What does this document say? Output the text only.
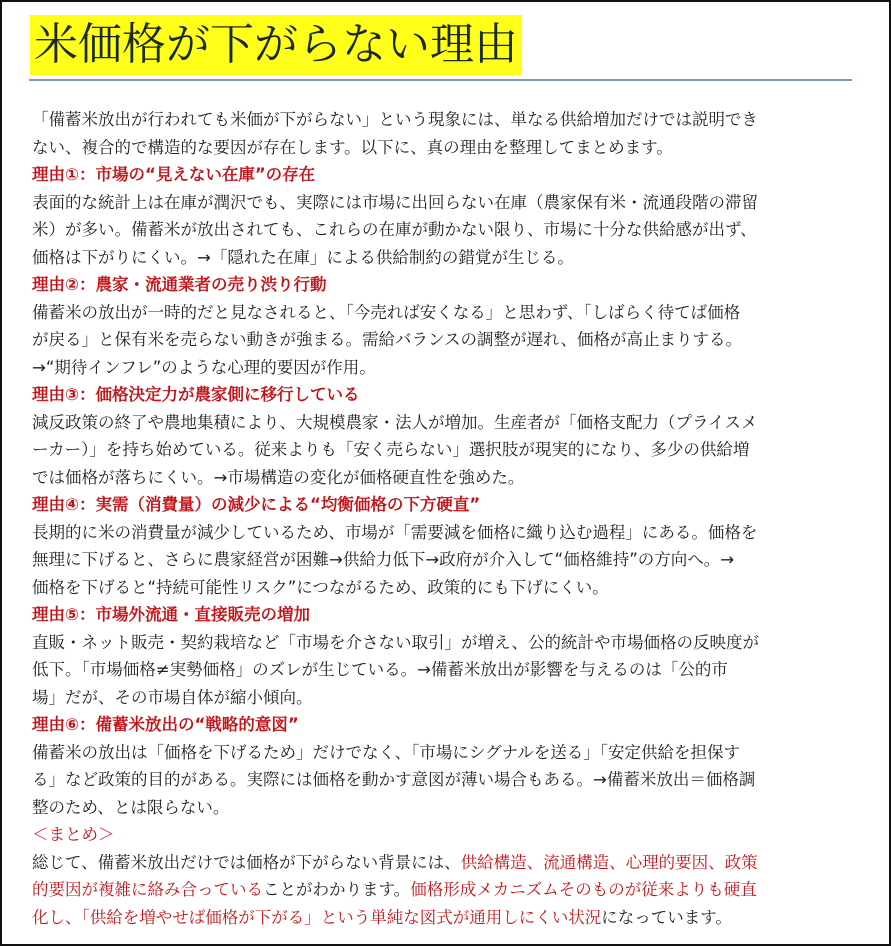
米価格が下がらない理由
「備蓄米放出が行われても米価が下がらない」という現象には、単なる供給増加だけでは説明でき
ない、複合的で構造的な要因が存在します。以下に、真の理由を整理してまとめます。
理由①：市場の“見えない在庫”の存在
表面的な統計上は在庫が潤沢でも、実際には市場に出回らない在庫（農家保有米・流通段階の滞留
米）が多い。備蓄米が放出されても、これらの在庫が動かない限り、市場に十分な供給感が出ず、
価格は下がりにくい。→「隠れた在庫」による供給制約の錯覚が生じる。
理由②：農家・流通業者の売り渋り行動
備蓄米の放出が一時的だと見なされると、「今売れば安くなる」と思わず、「しばらく待てば価格
が戻る」と保有米を売らない動きが強まる。需給バランスの調整が遅れ、価格が高止まりする。
→“期待インフレ”のような心理的要因が作用。
理由③：価格決定力が農家側に移行している
減反政策の終了や農地集積により、大規模農家・法人が増加。生産者が「価格支配力（プライスメ
ーカー）」を持ち始めている。従来よりも「安く売らない」選択肢が現実的になり、多少の供給増
では価格が落ちにくい。→市場構造の変化が価格硬直性を強めた。
理由④：実需（消費量）の減少による“均衡価格の下方硬直”
長期的に米の消費量が減少しているため、市場が「需要減を価格に織り込む過程」にある。価格を
無理に下げると、さらに農家経営が困難→供給力低下→政府が介入して“価格維持”の方向へ。→
価格を下げると“持続可能性リスク”につながるため、政策的にも下げにくい。
理由⑤：市場外流通・直接販売の増加
直販・ネット販売・契約栽培など「市場を介さない取引」が増え、公的統計や市場価格の反映度が
低下。「市場価格≠実勢価格」のズレが生じている。→備蓄米放出が影響を与えるのは「公的市
場」だが、その市場自体が縮小傾向。
理由⑥：備蓄米放出の“戦略的意図”
備蓄米の放出は「価格を下げるため」だけでなく、「市場にシグナルを送る」「安定供給を担保す
る」など政策的目的がある。実際には価格を動かす意図が薄い場合もある。→備蓄米放出＝価格調
整のため、とは限らない。
＜まとめ＞
総じて、備蓄米放出だけでは価格が下がらない背景には、供給構造、流通構造、心理的要因、政策
的要因が複雑に絡み合っていることがわかります。価格形成メカニズムそのものが従来よりも硬直
化し、「供給を増やせば価格が下がる」という単純な図式が通用しにくい状況になっています。
